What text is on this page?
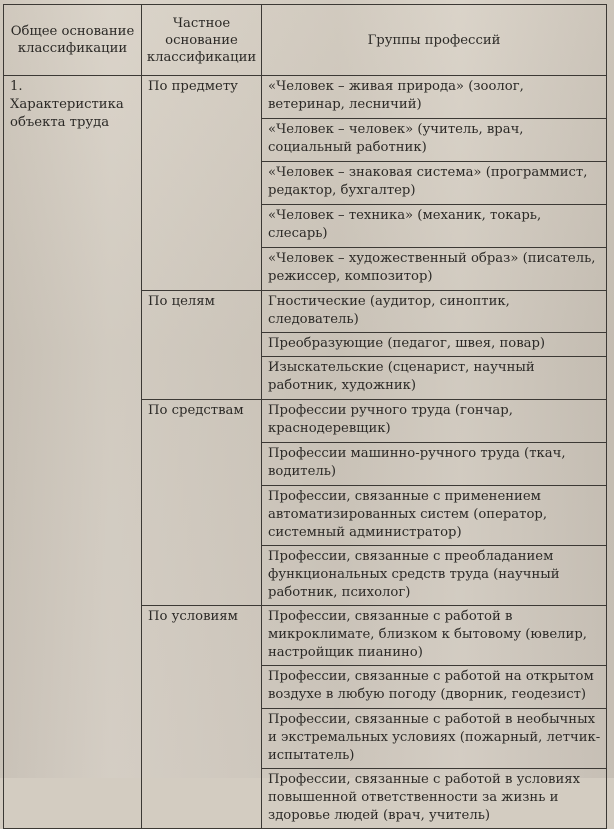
Общее основание классификации	Частное основание классификации	Группы профессий
1. Характеристика объекта труда	По предмету	«Человек – живая природа» (зоолог, ветеринар, лесничий)
		«Человек – человек» (учитель, врач, социальный работник)
		«Человек – знаковая система» (программист, редактор, бухгалтер)
		«Человек – техника» (механик, токарь, слесарь)
		«Человек – художественный образ» (писатель, режиссер, композитор)
	По целям	Гностические (аудитор, синоптик, следователь)
		Преобразующие (педагог, швея, повар)
		Изыскательские (сценарист, научный работник, художник)
	По средствам	Профессии ручного труда (гончар, краснодеревщик)
		Профессии машинно-ручного труда (ткач, водитель)
		Профессии, связанные с применением автоматизированных систем (оператор, системный администратор)
		Профессии, связанные с преобладанием функциональных средств труда (научный работник, психолог)
	По условиям	Профессии, связанные с работой в микроклимате, близком к бытовому (ювелир, настройщик пианино)
		Профессии, связанные с работой на открытом воздухе в любую погоду (дворник, геодезист)
		Профессии, связанные с работой в необычных и экстремальных условиях (пожарный, летчик-испытатель)
		Профессии, связанные с работой в условиях повышенной ответственности за жизнь и здоровье людей (врач, учитель)
